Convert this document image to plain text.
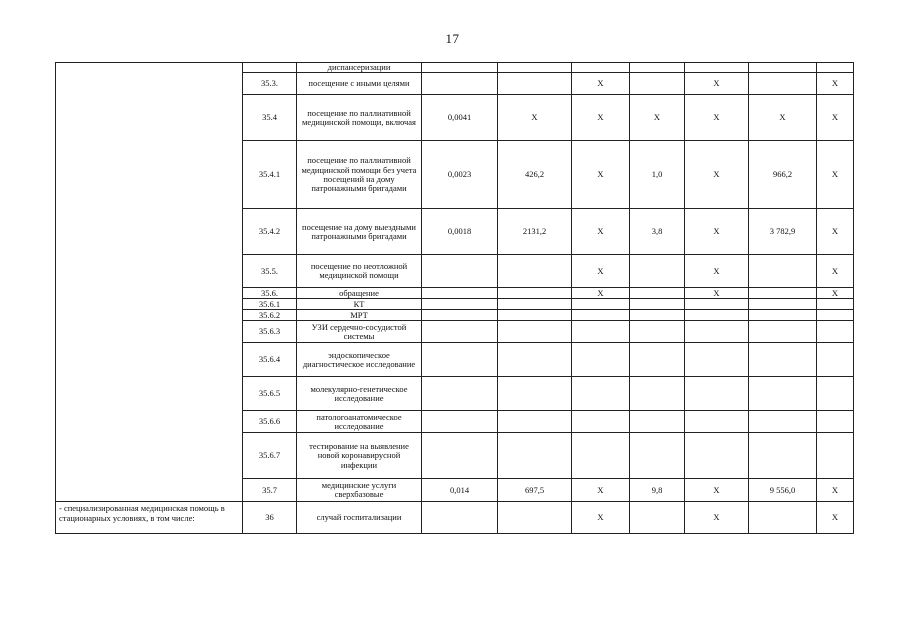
17
		диспансеризации							
	35.3.	посещение с иными целями			X		X		X
	35.4	посещение по паллиативной медицинской помощи, включая	0,0041	X	X	X	X	X	X
	35.4.1	посещение по паллиативной медицинской помощи без учета посещений на дому патронажными бригадами	0,0023	426,2	X	1,0	X	966,2	X
	35.4.2	посещение на дому выездными патронажными бригадами	0,0018	2131,2	X	3,8	X	3 782,9	X
	35.5.	посещение по неотложной медицинской помощи			X		X		X
	35.6.	обращение			X		X		X
	35.6.1	КТ							
	35.6.2	МРТ							
	35.6.3	УЗИ сердечно-сосудистой системы							
	35.6.4	эндоскопическое диагностическое исследование							
	35.6.5	молекулярно-генетическое исследование							
	35.6.6	патологоанатомическое исследование							
	35.6.7	тестирование на выявление новой коронавирусной инфекции							
	35.7	медицинские услуги сверхбазовые	0,014	697,5	X	9,8	X	9 556,0	X
- специализированная медицинская помощь в стационарных условиях, в том числе:	36	случай госпитализации			X		X		X
